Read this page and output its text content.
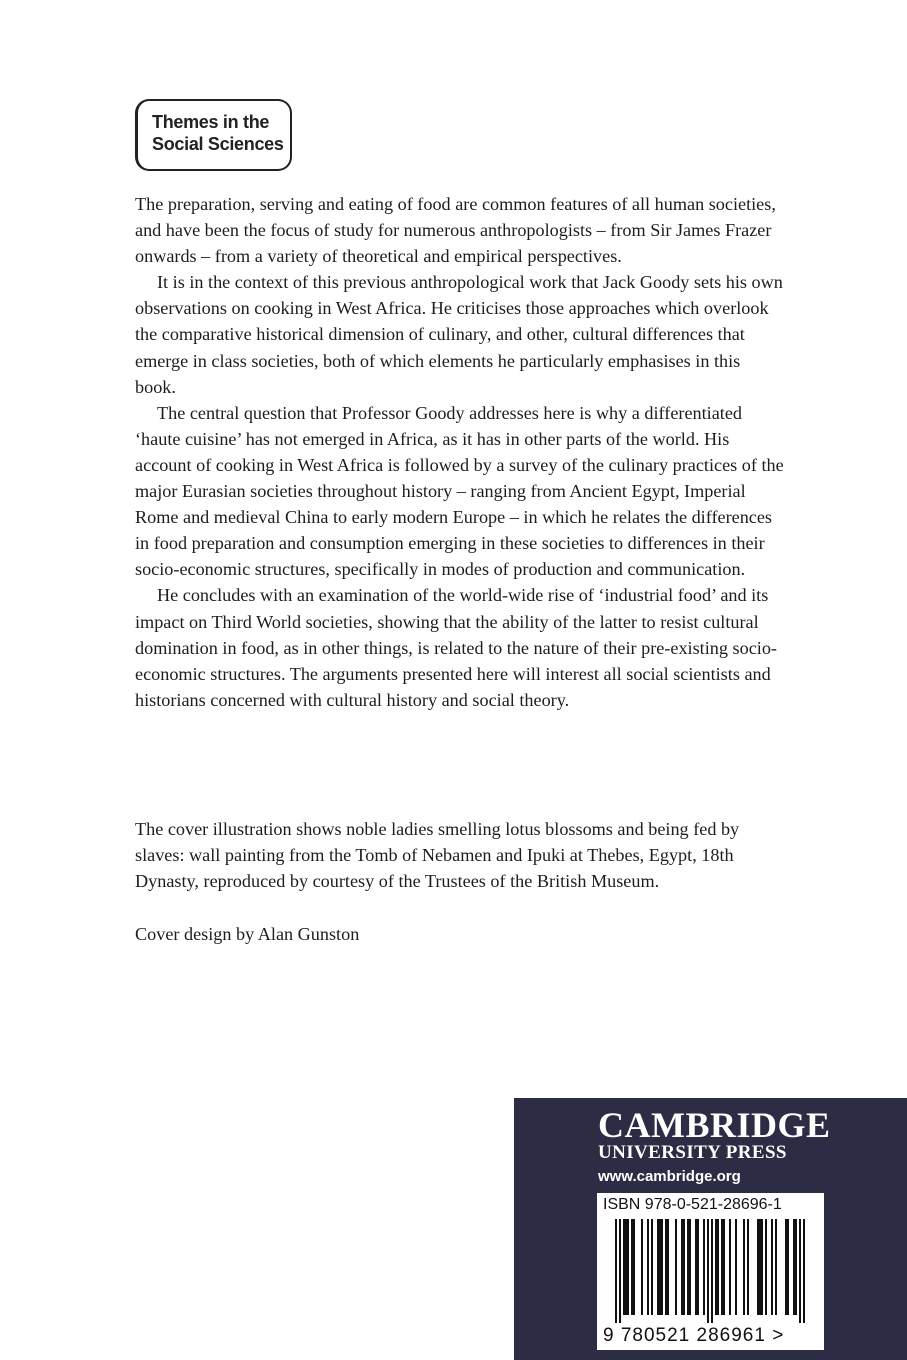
Themes in the
Social Sciences

The preparation, serving and eating of food are common features of all human societies, and have been the focus of study for numerous anthropologists – from Sir James Frazer onwards – from a variety of theoretical and empirical perspectives.

It is in the context of this previous anthropological work that Jack Goody sets his own observations on cooking in West Africa. He criticises those approaches which overlook the comparative historical dimension of culinary, and other, cultural differences that emerge in class societies, both of which elements he particularly emphasises in this book.

The central question that Professor Goody addresses here is why a differentiated ‘haute cuisine’ has not emerged in Africa, as it has in other parts of the world. His account of cooking in West Africa is followed by a survey of the culinary practices of the major Eurasian societies throughout history – ranging from Ancient Egypt, Imperial Rome and medieval China to early modern Europe – in which he relates the differences in food preparation and consumption emerging in these societies to differences in their socio-economic structures, specifically in modes of production and communication.

He concludes with an examination of the world-wide rise of ‘industrial food’ and its impact on Third World societies, showing that the ability of the latter to resist cultural domination in food, as in other things, is related to the nature of their pre-existing socio-economic structures. The arguments presented here will interest all social scientists and historians concerned with cultural history and social theory.

The cover illustration shows noble ladies smelling lotus blossoms and being fed by slaves: wall painting from the Tomb of Nebamen and Ipuki at Thebes, Egypt, 18th Dynasty, reproduced by courtesy of the Trustees of the British Museum.

Cover design by Alan Gunston

CAMBRIDGE
UNIVERSITY PRESS
www.cambridge.org
ISBN 978-0-521-28696-1
9 780521 286961 >
